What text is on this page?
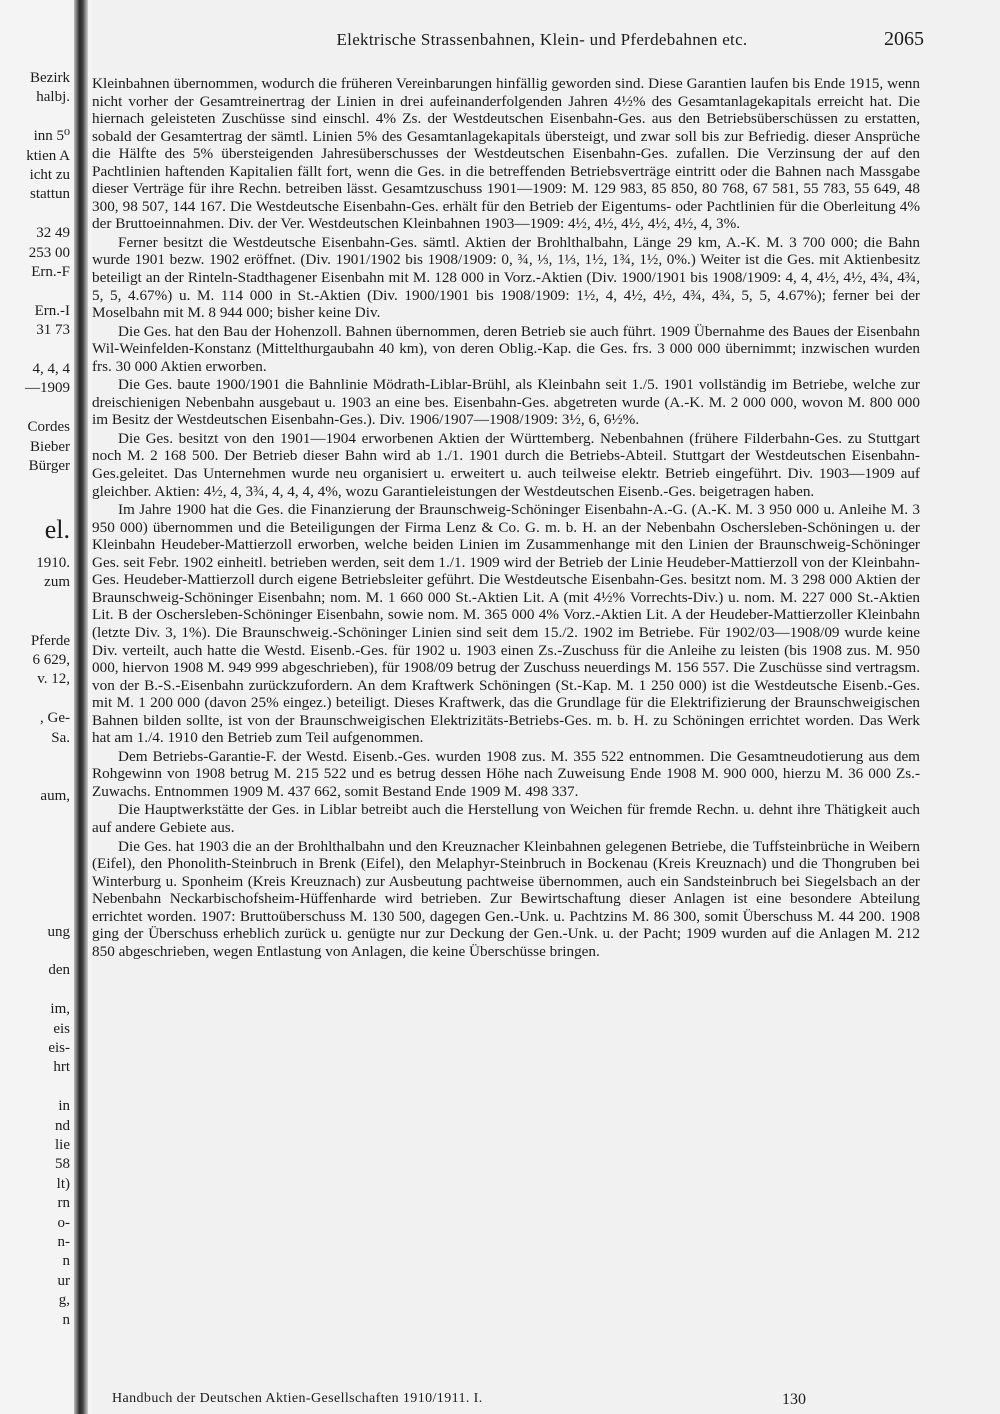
Bezirk
halbj.
inn 5⁰
ktien A
icht zu
stattun
32 49
253 00
Ern.-F
Ern.-I
31 73
4, 4, 4
—1909
Cordes
Bieber
Bürger
el.
1910.
zum
Pferde
6 629,
v. 12,
, Ge-
Sa.
aum,
ung
den
im,
eis
eis-
hrt
in
nd
lie
58
lt)
rn
o-
n-
n
ur
g,
n
Elektrische Strassenbahnen, Klein- und Pferdebahnen etc.	2065

Kleinbahnen übernommen, wodurch die früheren Vereinbarungen hinfällig geworden sind. Diese Garantien laufen bis Ende 1915, wenn nicht vorher der Gesamtreinertrag der Linien in drei aufeinanderfolgenden Jahren 4½% des Gesamtanlagekapitals erreicht hat. Die hiernach geleisteten Zuschüsse sind einschl. 4% Zs. der Westdeutschen Eisenbahn-Ges. aus den Betriebsüberschüssen zu erstatten, sobald der Gesamtertrag der sämtl. Linien 5% des Gesamtanlagekapitals übersteigt, und zwar soll bis zur Befriedig. dieser Ansprüche die Hälfte des 5% übersteigenden Jahresüberschusses der Westdeutschen Eisenbahn-Ges. zufallen. Die Verzinsung der auf den Pachtlinien haftenden Kapitalien fällt fort, wenn die Ges. in die betreffenden Betriebsverträge eintritt oder die Bahnen nach Massgabe dieser Verträge für ihre Rechn. betreiben lässt. Gesamtzuschuss 1901—1909: M. 129 983, 85 850, 80 768, 67 581, 55 783, 55 649, 48 300, 98 507, 144 167. Die Westdeutsche Eisenbahn-Ges. erhält für den Betrieb der Eigentums- oder Pachtlinien für die Oberleitung 4% der Bruttoeinnahmen. Div. der Ver. Westdeutschen Kleinbahnen 1903—1909: 4½, 4½, 4½, 4½, 4½, 4, 3%.

Ferner besitzt die Westdeutsche Eisenbahn-Ges. sämtl. Aktien der Brohlthalbahn, Länge 29 km, A.-K. M. 3 700 000; die Bahn wurde 1901 bezw. 1902 eröffnet. (Div. 1901/1902 bis 1908/1909: 0, ¾, ⅓, 1⅓, 1½, 1¾, 1½, 0%.) Weiter ist die Ges. mit Aktienbesitz beteiligt an der Rinteln-Stadthagener Eisenbahn mit M. 128 000 in Vorz.-Aktien (Div. 1900/1901 bis 1908/1909: 4, 4, 4½, 4½, 4¾, 4¾, 5, 5, 4.67%) u. M. 114 000 in St.-Aktien (Div. 1900/1901 bis 1908/1909: 1½, 4, 4½, 4½, 4¾, 4¾, 5, 5, 4.67%); ferner bei der Moselbahn mit M. 8 944 000; bisher keine Div.

Die Ges. hat den Bau der Hohenzoll. Bahnen übernommen, deren Betrieb sie auch führt. 1909 Übernahme des Baues der Eisenbahn Wil-Weinfelden-Konstanz (Mittelthurgaubahn 40 km), von deren Oblig.-Kap. die Ges. frs. 3 000 000 übernimmt; inzwischen wurden frs. 30 000 Aktien erworben.

Die Ges. baute 1900/1901 die Bahnlinie Mödrath-Liblar-Brühl, als Kleinbahn seit 1./5. 1901 vollständig im Betriebe, welche zur dreischienigen Nebenbahn ausgebaut u. 1903 an eine bes. Eisenbahn-Ges. abgetreten wurde (A.-K. M. 2 000 000, wovon M. 800 000 im Besitz der Westdeutschen Eisenbahn-Ges.). Div. 1906/1907—1908/1909: 3½, 6, 6½%.

Die Ges. besitzt von den 1901—1904 erworbenen Aktien der Württemberg. Nebenbahnen (frühere Filderbahn-Ges. zu Stuttgart noch M. 2 168 500. Der Betrieb dieser Bahn wird ab 1./1. 1901 durch die Betriebs-Abteil. Stuttgart der Westdeutschen Eisenbahn-Ges.geleitet. Das Unternehmen wurde neu organisiert u. erweitert u. auch teilweise elektr. Betrieb eingeführt. Div. 1903—1909 auf gleichber. Aktien: 4½, 4, 3¾, 4, 4, 4, 4%, wozu Garantieleistungen der Westdeutschen Eisenb.-Ges. beigetragen haben.

Im Jahre 1900 hat die Ges. die Finanzierung der Braunschweig-Schöninger Eisenbahn-A.-G. (A.-K. M. 3 950 000 u. Anleihe M. 3 950 000) übernommen und die Beteiligungen der Firma Lenz & Co. G. m. b. H. an der Nebenbahn Oschersleben-Schöningen u. der Kleinbahn Heudeber-Mattierzoll erworben, welche beiden Linien im Zusammenhange mit den Linien der Braunschweig-Schöninger Ges. seit Febr. 1902 einheitl. betrieben werden, seit dem 1./1. 1909 wird der Betrieb der Linie Heudeber-Mattierzoll von der Kleinbahn-Ges. Heudeber-Mattierzoll durch eigene Betriebsleiter geführt. Die Westdeutsche Eisenbahn-Ges. besitzt nom. M. 3 298 000 Aktien der Braunschweig-Schöninger Eisenbahn; nom. M. 1 660 000 St.-Aktien Lit. A (mit 4½% Vorrechts-Div.) u. nom. M. 227 000 St.-Aktien Lit. B der Oschersleben-Schöninger Eisenbahn, sowie nom. M. 365 000 4% Vorz.-Aktien Lit. A der Heudeber-Mattierzoller Kleinbahn (letzte Div. 3, 1%). Die Braunschweig.-Schöninger Linien sind seit dem 15./2. 1902 im Betriebe. Für 1902/03—1908/09 wurde keine Div. verteilt, auch hatte die Westd. Eisenb.-Ges. für 1902 u. 1903 einen Zs.-Zuschuss für die Anleihe zu leisten (bis 1908 zus. M. 950 000, hiervon 1908 M. 949 999 abgeschrieben), für 1908/09 betrug der Zuschuss neuerdings M. 156 557. Die Zuschüsse sind vertragsm. von der B.-S.-Eisenbahn zurückzufordern. An dem Kraftwerk Schöningen (St.-Kap. M. 1 250 000) ist die Westdeutsche Eisenb.-Ges. mit M. 1 200 000 (davon 25% eingez.) beteiligt. Dieses Kraftwerk, das die Grundlage für die Elektrifizierung der Braunschweigischen Bahnen bilden sollte, ist von der Braunschweigischen Elektrizitäts-Betriebs-Ges. m. b. H. zu Schöningen errichtet worden. Das Werk hat am 1./4. 1910 den Betrieb zum Teil aufgenommen.

Dem Betriebs-Garantie-F. der Westd. Eisenb.-Ges. wurden 1908 zus. M. 355 522 entnommen. Die Gesamtneudotierung aus dem Rohgewinn von 1908 betrug M. 215 522 und es betrug dessen Höhe nach Zuweisung Ende 1908 M. 900 000, hierzu M. 36 000 Zs.-Zuwachs. Entnommen 1909 M. 437 662, somit Bestand Ende 1909 M. 498 337.

Die Hauptwerkstätte der Ges. in Liblar betreibt auch die Herstellung von Weichen für fremde Rechn. u. dehnt ihre Thätigkeit auch auf andere Gebiete aus.

Die Ges. hat 1903 die an der Brohlthalbahn und den Kreuznacher Kleinbahnen gelegenen Betriebe, die Tuffsteinbrüche in Weibern (Eifel), den Phonolith-Steinbruch in Brenk (Eifel), den Melaphyr-Steinbruch in Bockenau (Kreis Kreuznach) und die Thongruben bei Winterburg u. Sponheim (Kreis Kreuznach) zur Ausbeutung pachtweise übernommen, auch ein Sandsteinbruch bei Siegelsbach an der Nebenbahn Neckarbischofsheim-Hüffenharde wird betrieben. Zur Bewirtschaftung dieser Anlagen ist eine besondere Abteilung errichtet worden. 1907: Bruttoüberschuss M. 130 500, dagegen Gen.-Unk. u. Pachtzins M. 86 300, somit Überschuss M. 44 200. 1908 ging der Überschuss erheblich zurück u. genügte nur zur Deckung der Gen.-Unk. u. der Pacht; 1909 wurden auf die Anlagen M. 212 850 abgeschrieben, wegen Entlastung von Anlagen, die keine Überschüsse bringen.

Handbuch der Deutschen Aktien-Gesellschaften 1910/1911. I.	130
